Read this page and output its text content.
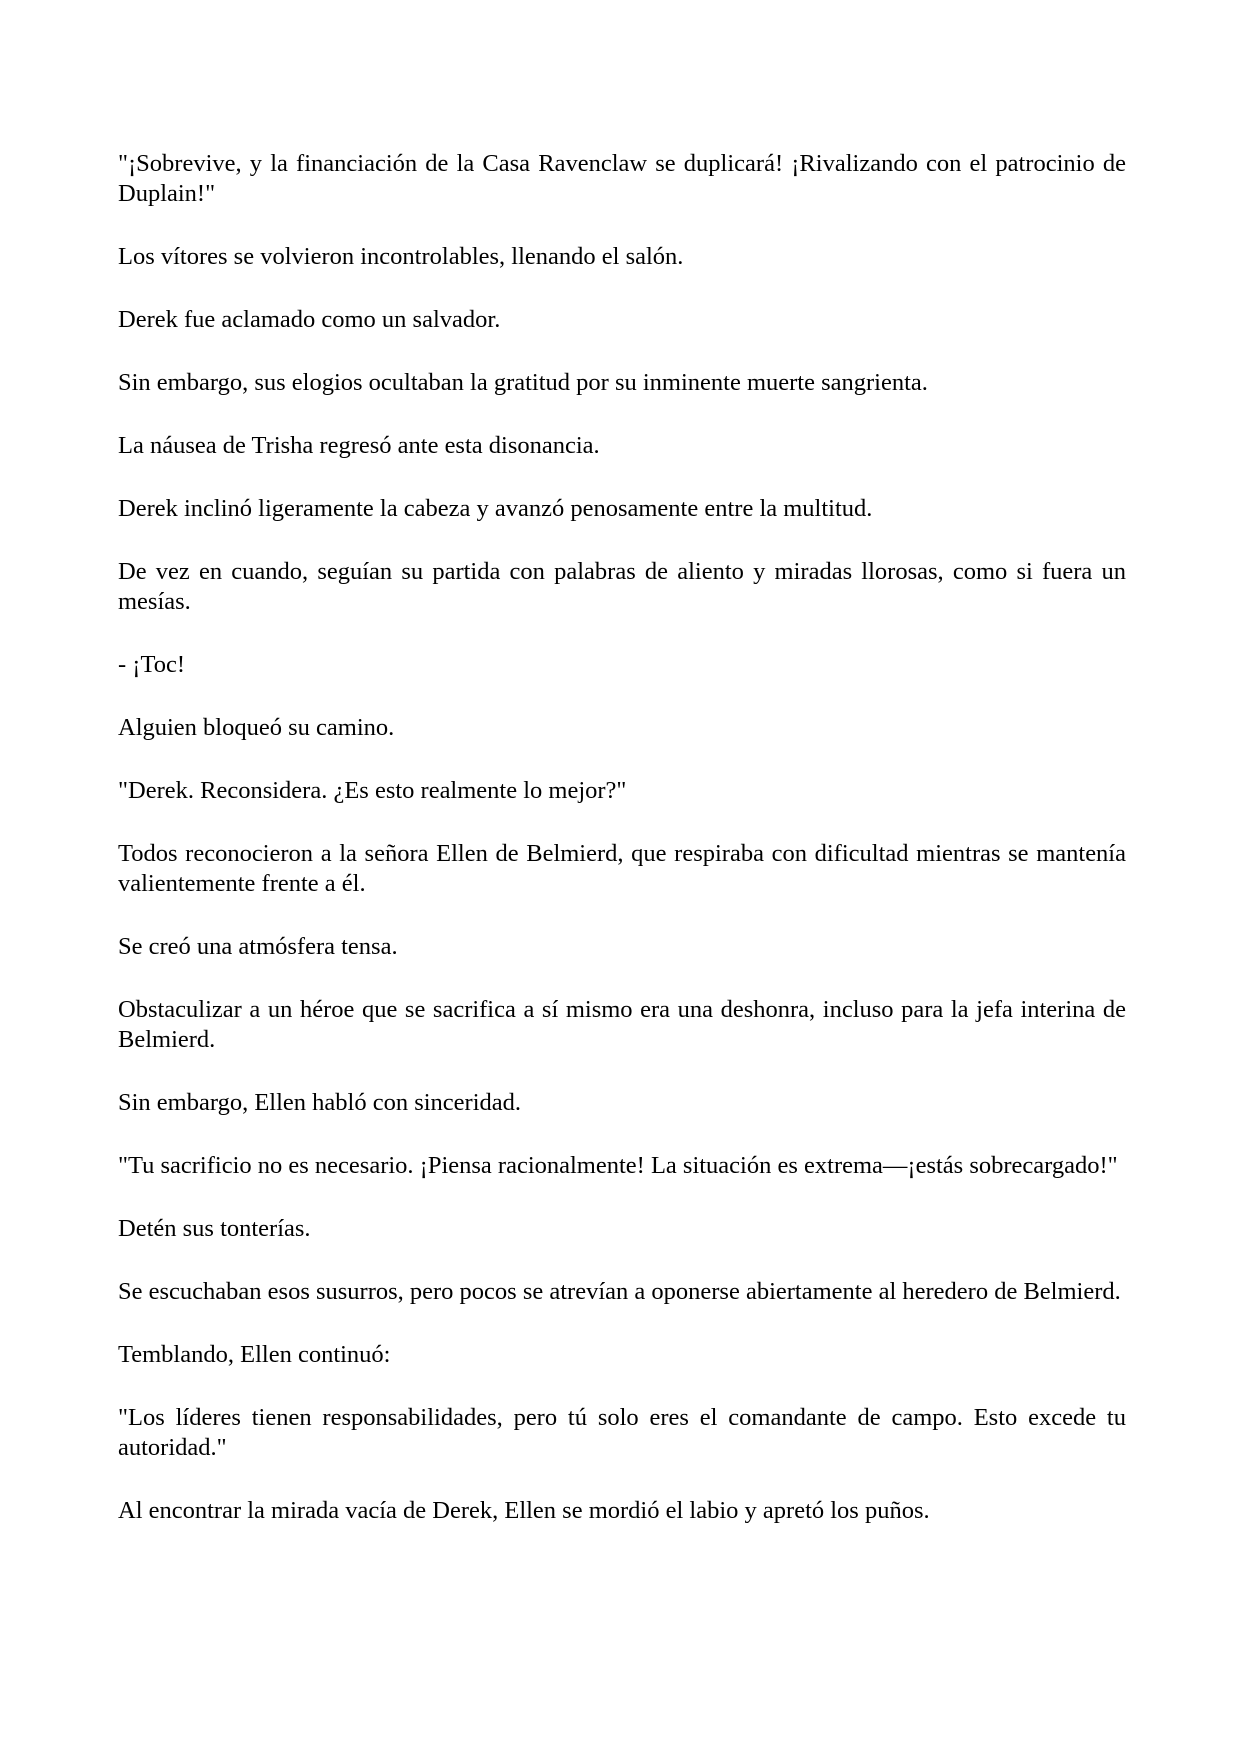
"¡Sobrevive, y la financiación de la Casa Ravenclaw se duplicará! ¡Rivalizando con el patrocinio de Duplain!"

Los vítores se volvieron incontrolables, llenando el salón.

Derek fue aclamado como un salvador.

Sin embargo, sus elogios ocultaban la gratitud por su inminente muerte sangrienta.

La náusea de Trisha regresó ante esta disonancia.

Derek inclinó ligeramente la cabeza y avanzó penosamente entre la multitud.

De vez en cuando, seguían su partida con palabras de aliento y miradas llorosas, como si fuera un mesías.

- ¡Toc!

Alguien bloqueó su camino.

"Derek. Reconsidera. ¿Es esto realmente lo mejor?"

Todos reconocieron a la señora Ellen de Belmierd, que respiraba con dificultad mientras se mantenía valientemente frente a él.

Se creó una atmósfera tensa.

Obstaculizar a un héroe que se sacrifica a sí mismo era una deshonra, incluso para la jefa interina de Belmierd.

Sin embargo, Ellen habló con sinceridad.

"Tu sacrificio no es necesario. ¡Piensa racionalmente! La situación es extrema—¡estás sobrecargado!"

Detén sus tonterías.

Se escuchaban esos susurros, pero pocos se atrevían a oponerse abiertamente al heredero de Belmierd.

Temblando, Ellen continuó:

"Los líderes tienen responsabilidades, pero tú solo eres el comandante de campo. Esto excede tu autoridad."

Al encontrar la mirada vacía de Derek, Ellen se mordió el labio y apretó los puños.
